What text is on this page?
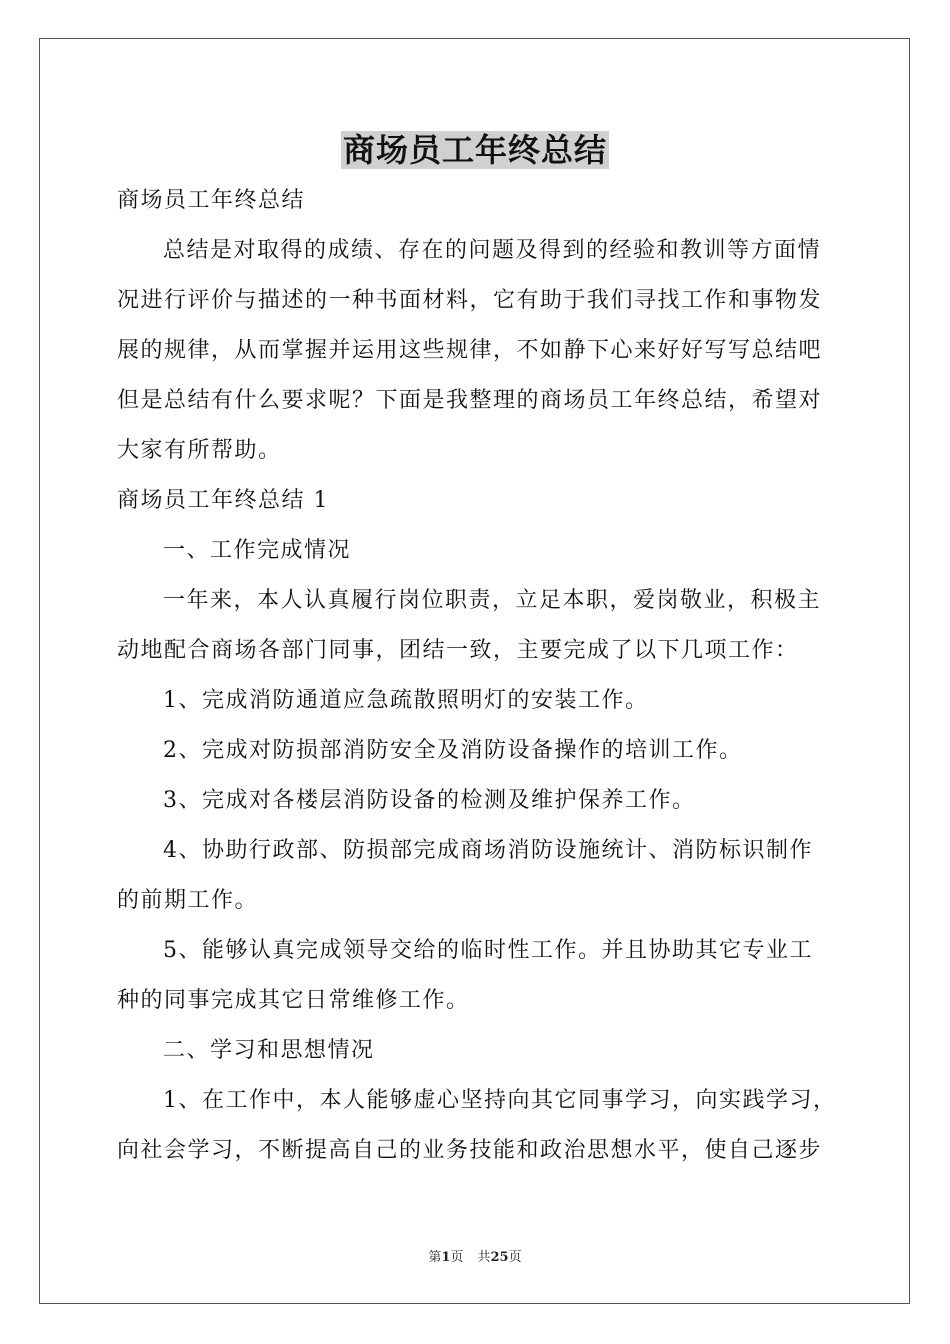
商场员工年终总结
商场员工年终总结
总结是对取得的成绩、存在的问题及得到的经验和教训等方面情
况进行评价与描述的一种书面材料，它有助于我们寻找工作和事物发
展的规律，从而掌握并运用这些规律，不如静下心来好好写写总结吧
但是总结有什么要求呢？下面是我整理的商场员工年终总结，希望对
大家有所帮助。
商场员工年终总结 1
一、工作完成情况
一年来，本人认真履行岗位职责，立足本职，爱岗敬业，积极主
动地配合商场各部门同事，团结一致，主要完成了以下几项工作：
1、完成消防通道应急疏散照明灯的安装工作。
2、完成对防损部消防安全及消防设备操作的培训工作。
3、完成对各楼层消防设备的检测及维护保养工作。
4、协助行政部、防损部完成商场消防设施统计、消防标识制作
的前期工作。
5、能够认真完成领导交给的临时性工作。并且协助其它专业工
种的同事完成其它日常维修工作。
二、学习和思想情况
1、在工作中，本人能够虚心坚持向其它同事学习，向实践学习，
向社会学习，不断提高自己的业务技能和政治思想水平，使自己逐步
第1页 共25页
